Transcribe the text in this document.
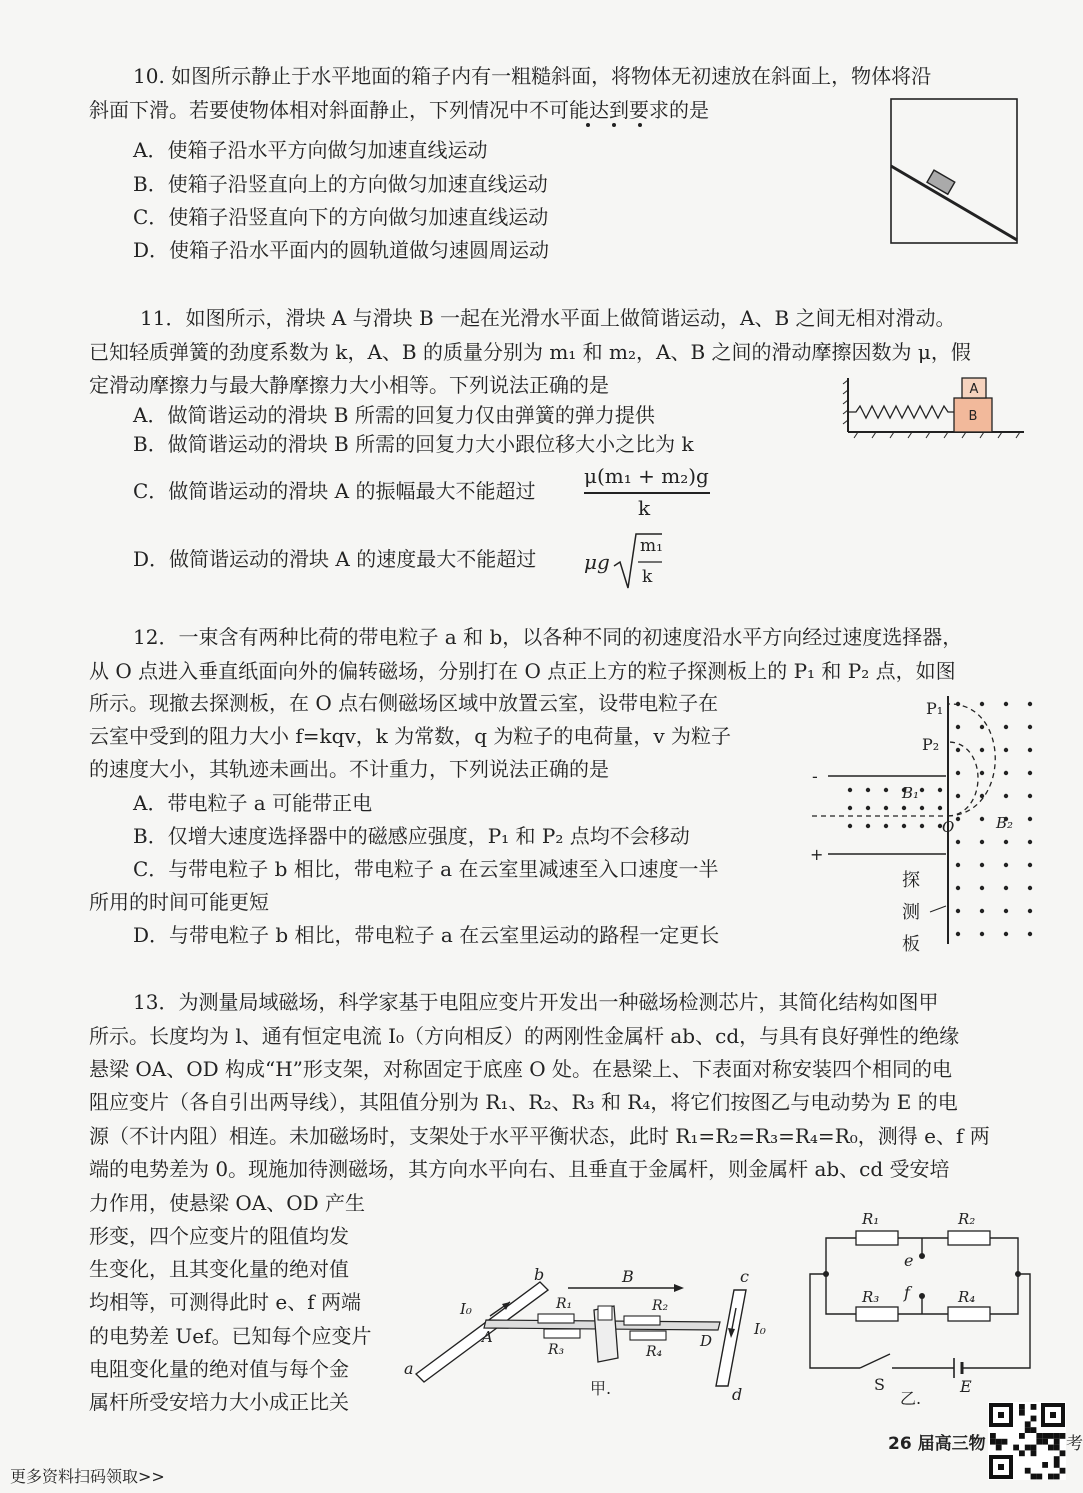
10. 如图所示静止于水平地面的箱子内有一粗糙斜面，将物体无初速放在斜面上，物体将沿
斜面下滑。若要使物体相对斜面静止，下列情况中不可能达到要求的是
A．使箱子沿水平方向做匀加速直线运动
B．使箱子沿竖直向上的方向做匀加速直线运动
C．使箱子沿竖直向下的方向做匀加速直线运动
D．使箱子沿水平面内的圆轨道做匀速圆周运动
11．如图所示，滑块 A 与滑块 B 一起在光滑水平面上做简谐运动，A、B 之间无相对滑动。
已知轻质弹簧的劲度系数为 k，A、B 的质量分别为 m₁ 和 m₂，A、B 之间的滑动摩擦因数为 μ，假
定滑动摩擦力与最大静摩擦力大小相等。下列说法正确的是
A．做简谐运动的滑块 B 所需的回复力仅由弹簧的弹力提供
B．做简谐运动的滑块 B 所需的回复力大小跟位移大小之比为 k
C．做简谐运动的滑块 A 的振幅最大不能超过
μ(m₁ + m₂)g
k
D．做简谐运动的滑块 A 的速度最大不能超过 μg
m₁
k
A
B
12．一束含有两种比荷的带电粒子 a 和 b，以各种不同的初速度沿水平方向经过速度选择器，
从 O 点进入垂直纸面向外的偏转磁场，分别打在 O 点正上方的粒子探测板上的 P₁ 和 P₂ 点，如图
所示。现撤去探测板，在 O 点右侧磁场区域中放置云室，设带电粒子在
云室中受到的阻力大小 f=kqv，k 为常数，q 为粒子的电荷量，v 为粒子
的速度大小，其轨迹未画出。不计重力，下列说法正确的是
A．带电粒子 a 可能带正电
B．仅增大速度选择器中的磁感应强度，P₁ 和 P₂ 点均不会移动
C．与带电粒子 b 相比，带电粒子 a 在云室里减速至入口速度一半
所用的时间可能更短
D．与带电粒子 b 相比，带电粒子 a 在云室里运动的路程一定更长
P₁
P₂
B₁
B₂
O
-
+
探
测
板
13．为测量局域磁场，科学家基于电阻应变片开发出一种磁场检测芯片，其简化结构如图甲
所示。长度均为 l、通有恒定电流 I₀（方向相反）的两刚性金属杆 ab、cd，与具有良好弹性的绝缘
悬梁 OA、OD 构成“H”形支架，对称固定于底座 O 处。在悬梁上、下表面对称安装四个相同的电
阻应变片（各自引出两导线），其阻值分别为 R₁、R₂、R₃ 和 R₄，将它们按图乙与电动势为 E 的电
源（不计内阻）相连。未加磁场时，支架处于水平平衡状态，此时 R₁=R₂=R₃=R₄=R₀，测得 e、f 两
端的电势差为 0。现施加待测磁场，其方向水平向右、且垂直于金属杆，则金属杆 ab、cd 受安培
力作用，使悬梁 OA、OD 产生
形变，四个应变片的阻值均发
生变化，且其变化量的绝对值
均相等，可测得此时 e、f 两端
的电势差 Uef。已知每个应变片
电阻变化量的绝对值与每个金
属杆所受安培力大小成正比关
b
a
c
d
A	D
B
I₀
I₀
R₁	R₂
R₃	R₄
甲.
R₁	R₂
R₃	R₄
e
f
S	E
乙.
26 届高三物	考
更多资料扫码领取>>
